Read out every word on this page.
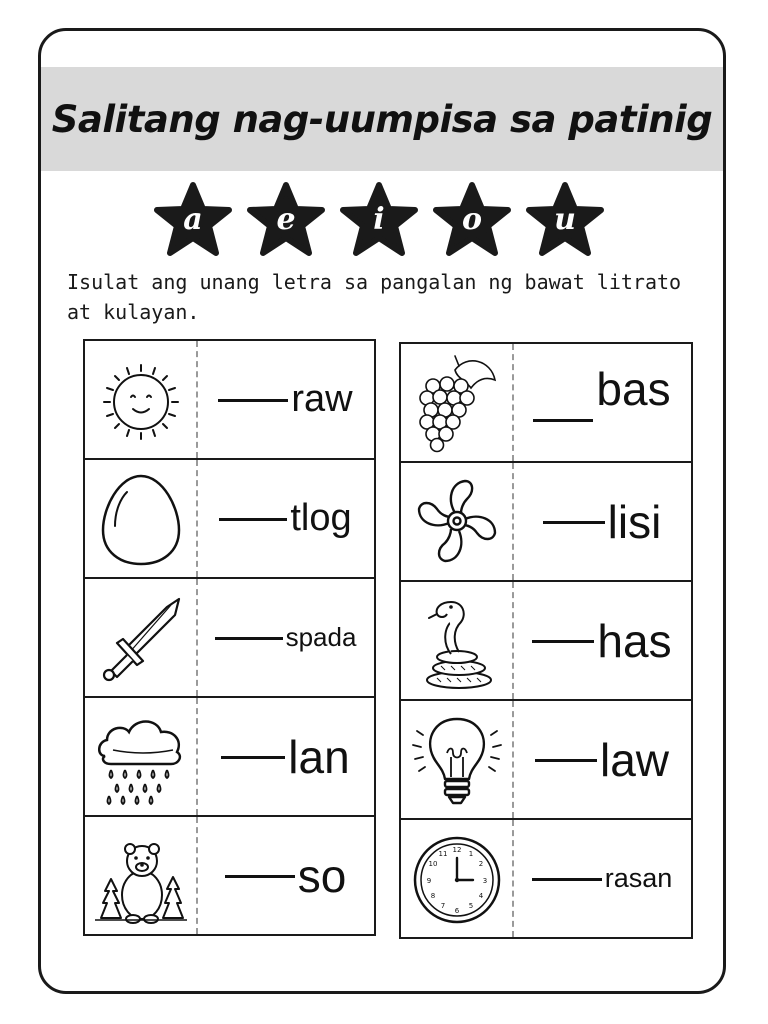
Salitang nag-uumpisa sa patinig
a	e	i	o	u
Isulat ang unang letra sa pangalan ng bawat litrato at kulayan.
raw
tlog
spada
lan
so
bas
lisi
has
law
12 1
2
3
4
5
6
7
8
9
10
11
rasan
